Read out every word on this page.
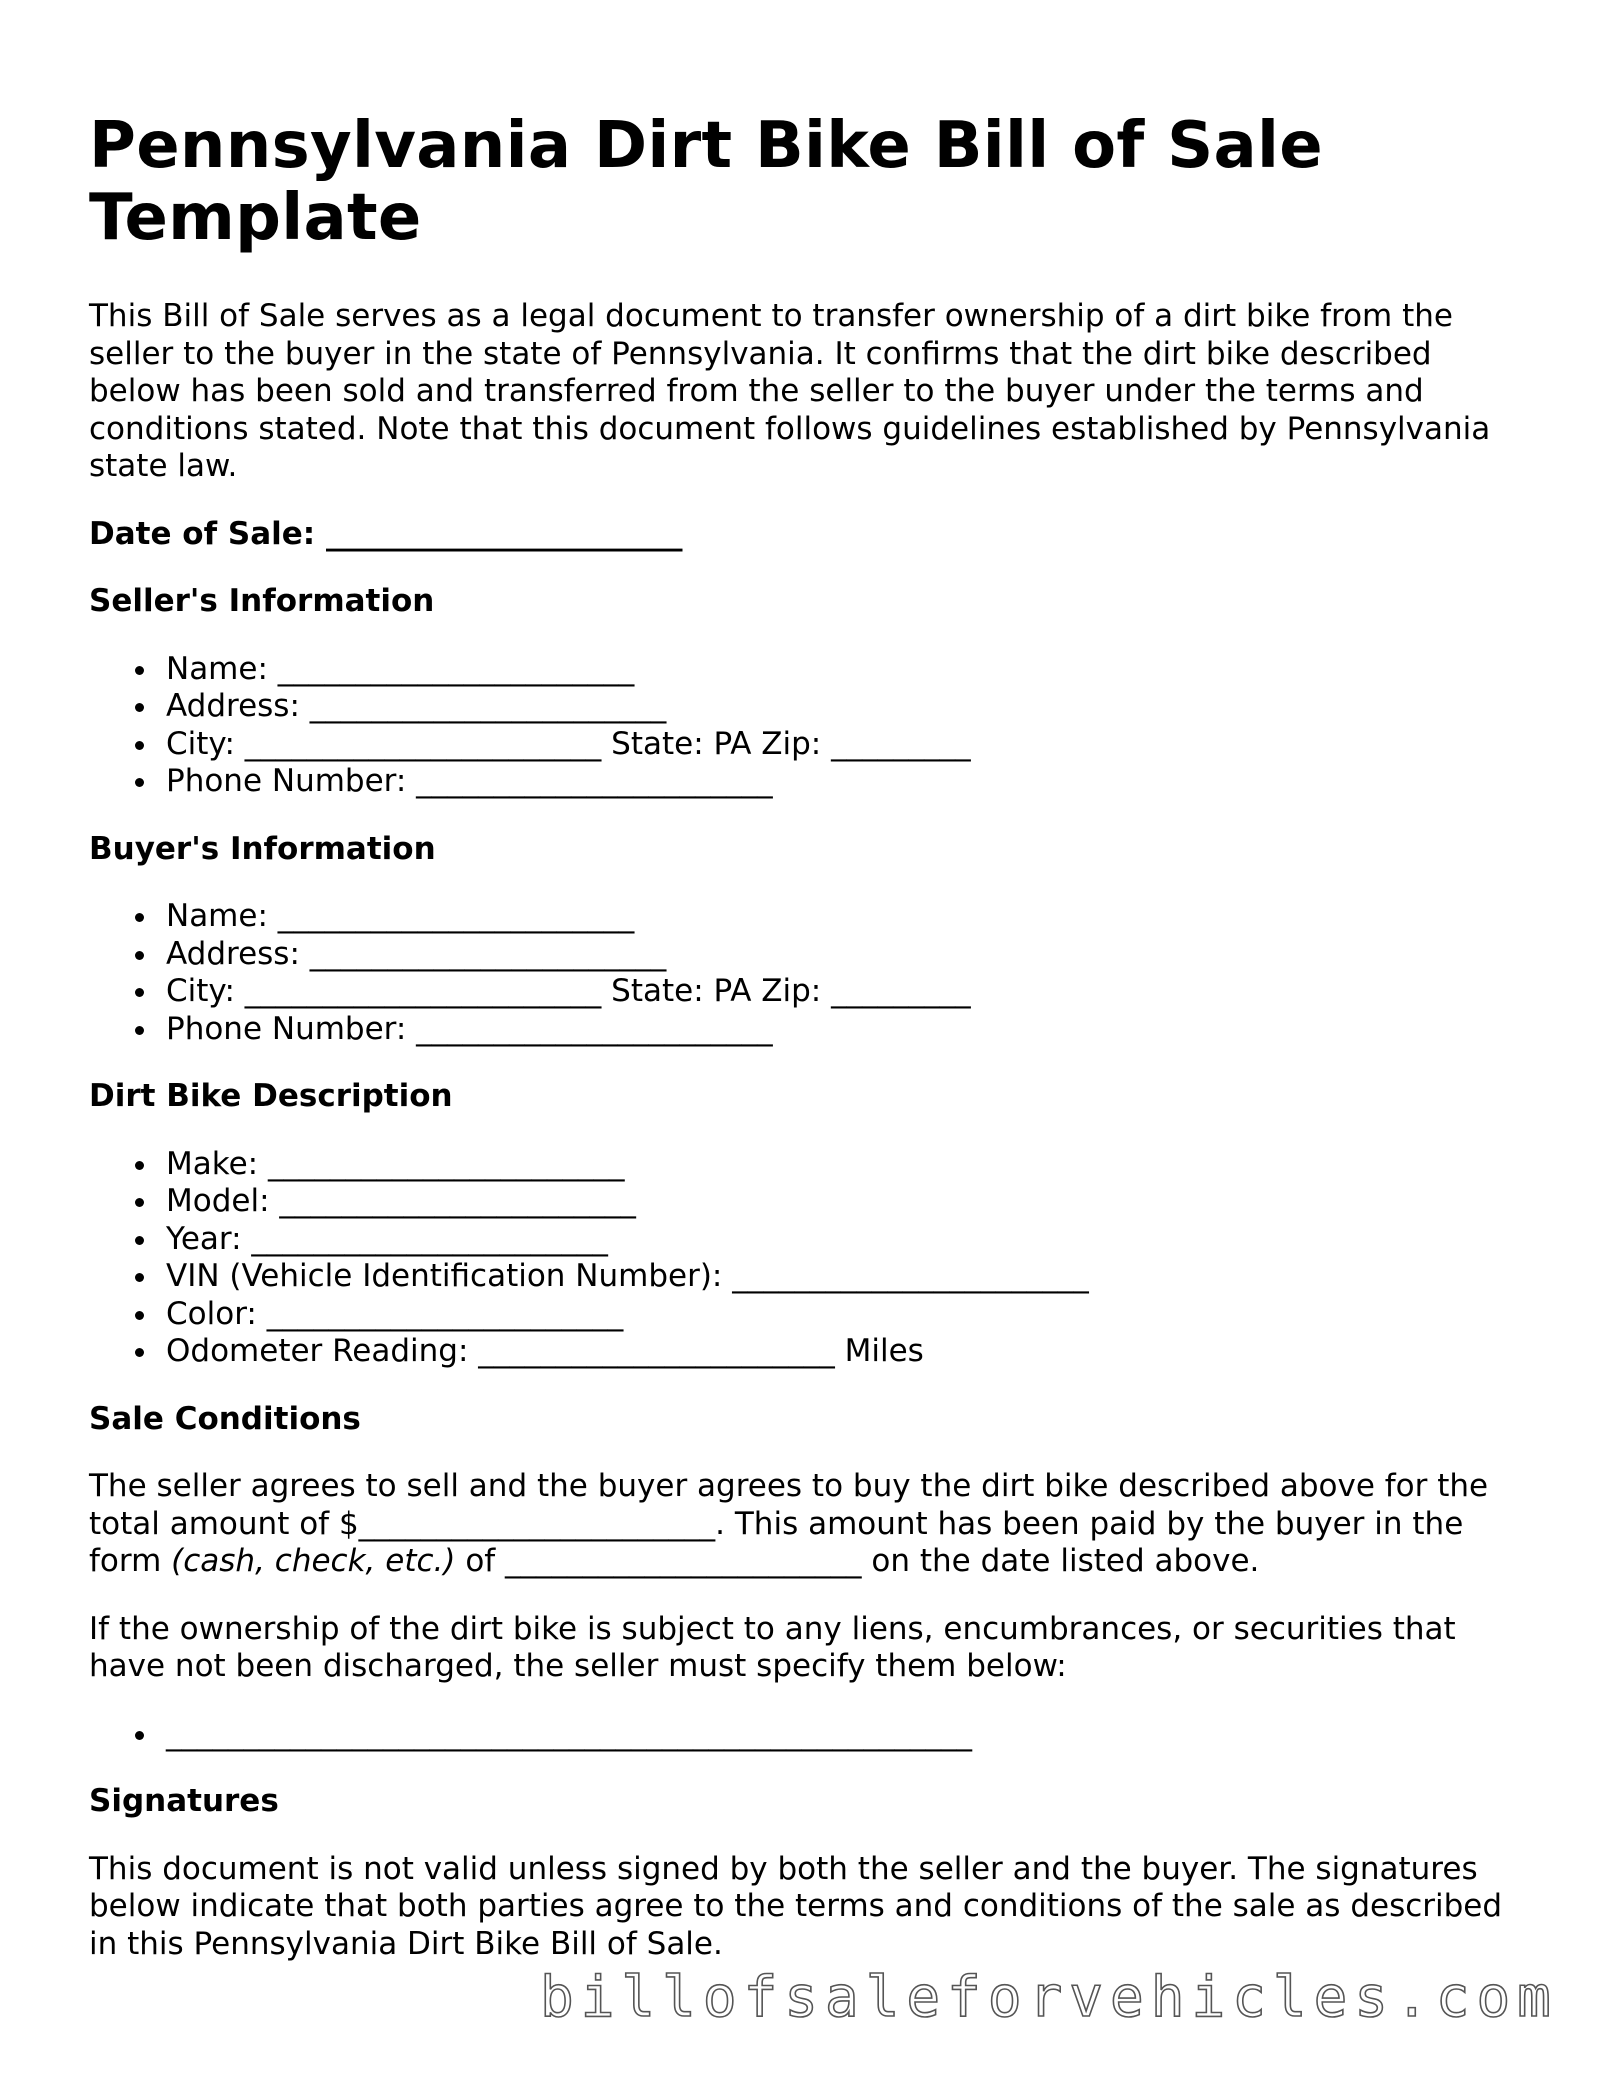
Pennsylvania Dirt Bike Bill of Sale Template

This Bill of Sale serves as a legal document to transfer ownership of a dirt bike from the seller to the buyer in the state of Pennsylvania. It confirms that the dirt bike described below has been sold and transferred from the seller to the buyer under the terms and conditions stated. Note that this document follows guidelines established by Pennsylvania state law.

Date of Sale: _______________________
Seller's Information
Name: _______________________
Address: _______________________
City: _______________________ State: PA Zip: _________
Phone Number: _______________________
Buyer's Information
Name: _______________________
Address: _______________________
City: _______________________ State: PA Zip: _________
Phone Number: _______________________
Dirt Bike Description
Make: _______________________
Model: _______________________
Year: _______________________
VIN (Vehicle Identification Number): _______________________
Color: _______________________
Odometer Reading: _______________________ Miles
Sale Conditions

The seller agrees to sell and the buyer agrees to buy the dirt bike described above for the total amount of $_______________________. This amount has been paid by the buyer in the form (cash, check, etc.) of _______________________ on the date listed above.

If the ownership of the dirt bike is subject to any liens, encumbrances, or securities that have not been discharged, the seller must specify them below:

____________________________________________________
Signatures

This document is not valid unless signed by both the seller and the buyer. The signatures below indicate that both parties agree to the terms and conditions of the sale as described in this Pennsylvania Dirt Bike Bill of Sale.

billofsaleforvehicles.com
